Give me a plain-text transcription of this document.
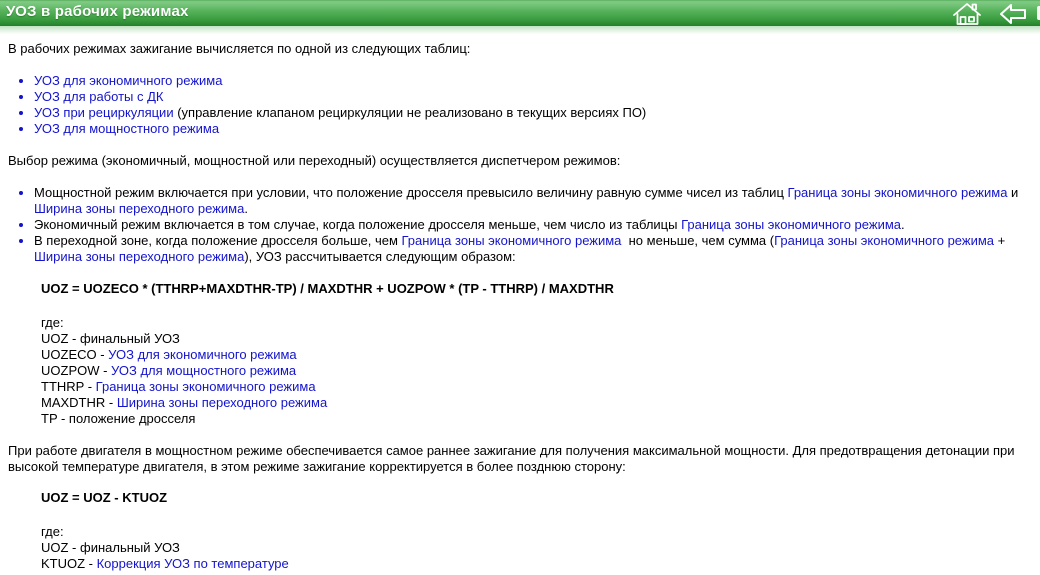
УОЗ в рабочих режимах

В рабочих режимах зажигание вычисляется по одной из следующих таблиц:

• УОЗ для экономичного режима
• УОЗ для работы с ДК
• УОЗ при рециркуляции (управление клапаном рециркуляции не реализовано в текущих версиях ПО)
• УОЗ для мощностного режима

Выбор режима (экономичный, мощностной или переходный) осуществляется диспетчером режимов:

• Мощностной режим включается при условии, что положение дросселя превысило величину равную сумме чисел из таблиц Граница зоны экономичного режима и
Ширина зоны переходного режима.
• Экономичный режим включается в том случае, когда положение дросселя меньше, чем число из таблицы Граница зоны экономичного режима.
• В переходной зоне, когда положение дросселя больше, чем Граница зоны экономичного режима  но меньше, чем сумма (Граница зоны экономичного режима +
Ширина зоны переходного режима), УОЗ рассчитывается следующим образом:

UOZ = UOZECO * (TTHRP+MAXDTHR-TP) / MAXDTHR + UOZPOW * (TP - TTHRP) / MAXDTHR

где:
UOZ - финальный УОЗ
UOZECO - УОЗ для экономичного режима
UOZPOW - УОЗ для мощностного режима
TTHRP - Граница зоны экономичного режима
MAXDTHR - Ширина зоны переходного режима
TP - положение дросселя
При работе двигателя в мощностном режиме обеспечивается самое раннее зажигание для получения максимальной мощности. Для предотвращения детонации при
высокой температуре двигателя, в этом режиме зажигание корректируется в более позднюю сторону:

UOZ = UOZ - KTUOZ

где:
UOZ - финальный УОЗ
KTUOZ - Коррекция УОЗ по температуре
